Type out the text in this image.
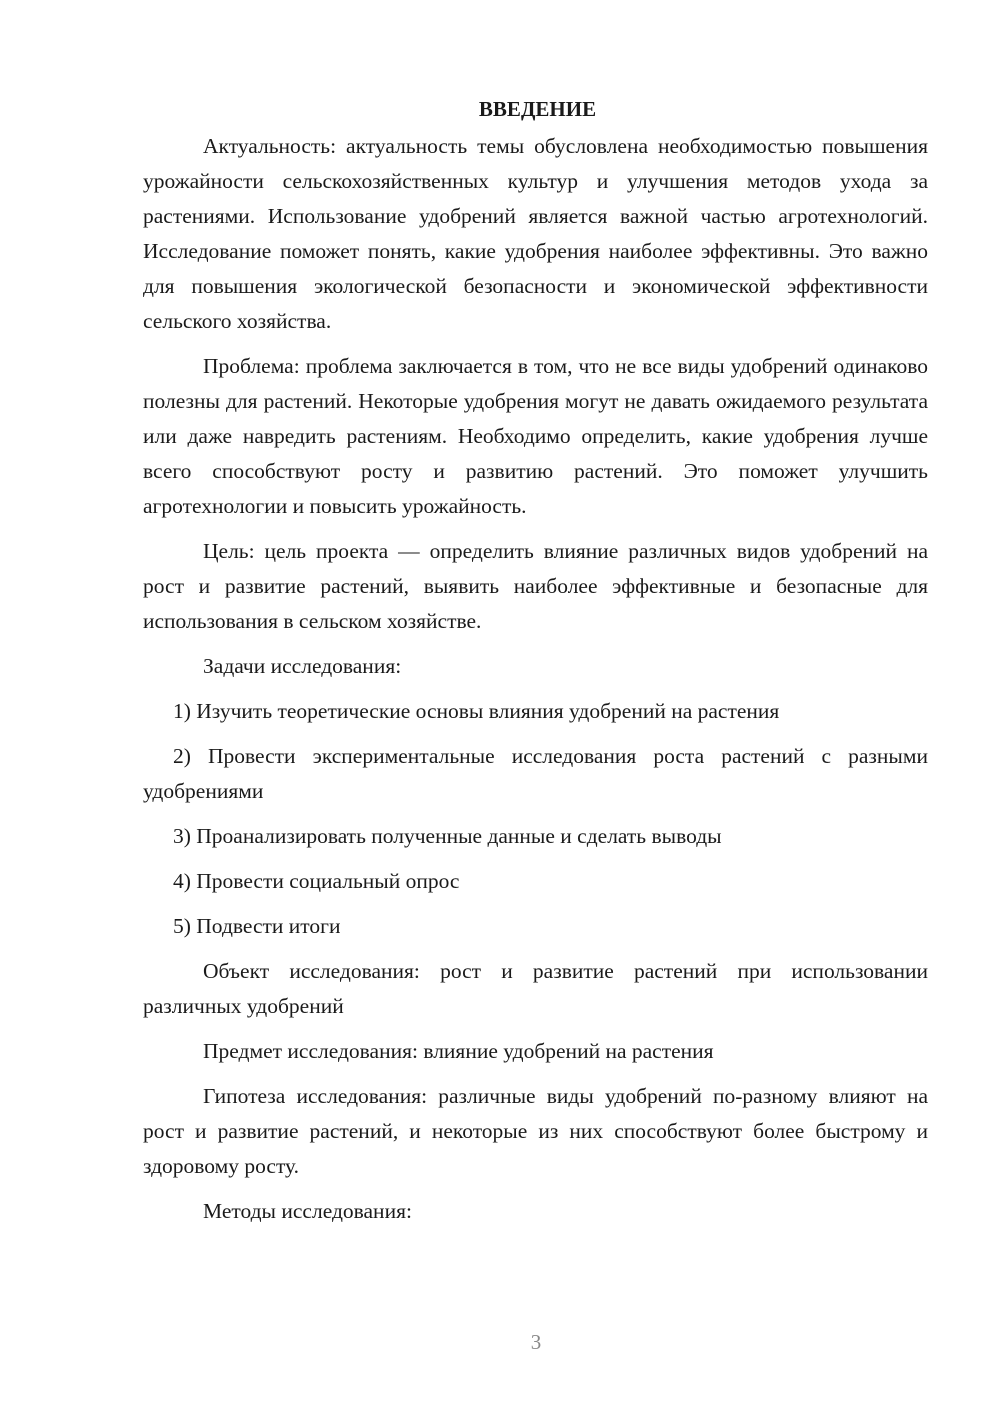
ВВЕДЕНИЕ

Актуальность: актуальность темы обусловлена необходимостью повышения урожайности сельскохозяйственных культур и улучшения методов ухода за растениями. Использование удобрений является важной частью агротехнологий. Исследование поможет понять, какие удобрения наиболее эффективны. Это важно для повышения экологической безопасности и экономической эффективности сельского хозяйства.

Проблема: проблема заключается в том, что не все виды удобрений одинаково полезны для растений. Некоторые удобрения могут не давать ожидаемого результата или даже навредить растениям. Необходимо определить, какие удобрения лучше всего способствуют росту и развитию растений. Это поможет улучшить агротехнологии и повысить урожайность.

Цель: цель проекта — определить влияние различных видов удобрений на рост и развитие растений, выявить наиболее эффективные и безопасные для использования в сельском хозяйстве.

Задачи исследования:

1) Изучить теоретические основы влияния удобрений на растения

2) Провести экспериментальные исследования роста растений с разными удобрениями

3) Проанализировать полученные данные и сделать выводы

4) Провести социальный опрос

5) Подвести итоги

Объект исследования: рост и развитие растений при использовании различных удобрений

Предмет исследования: влияние удобрений на растения

Гипотеза исследования: различные виды удобрений по-разному влияют на рост и развитие растений, и некоторые из них способствуют более быстрому и здоровому росту.

Методы исследования:

3
